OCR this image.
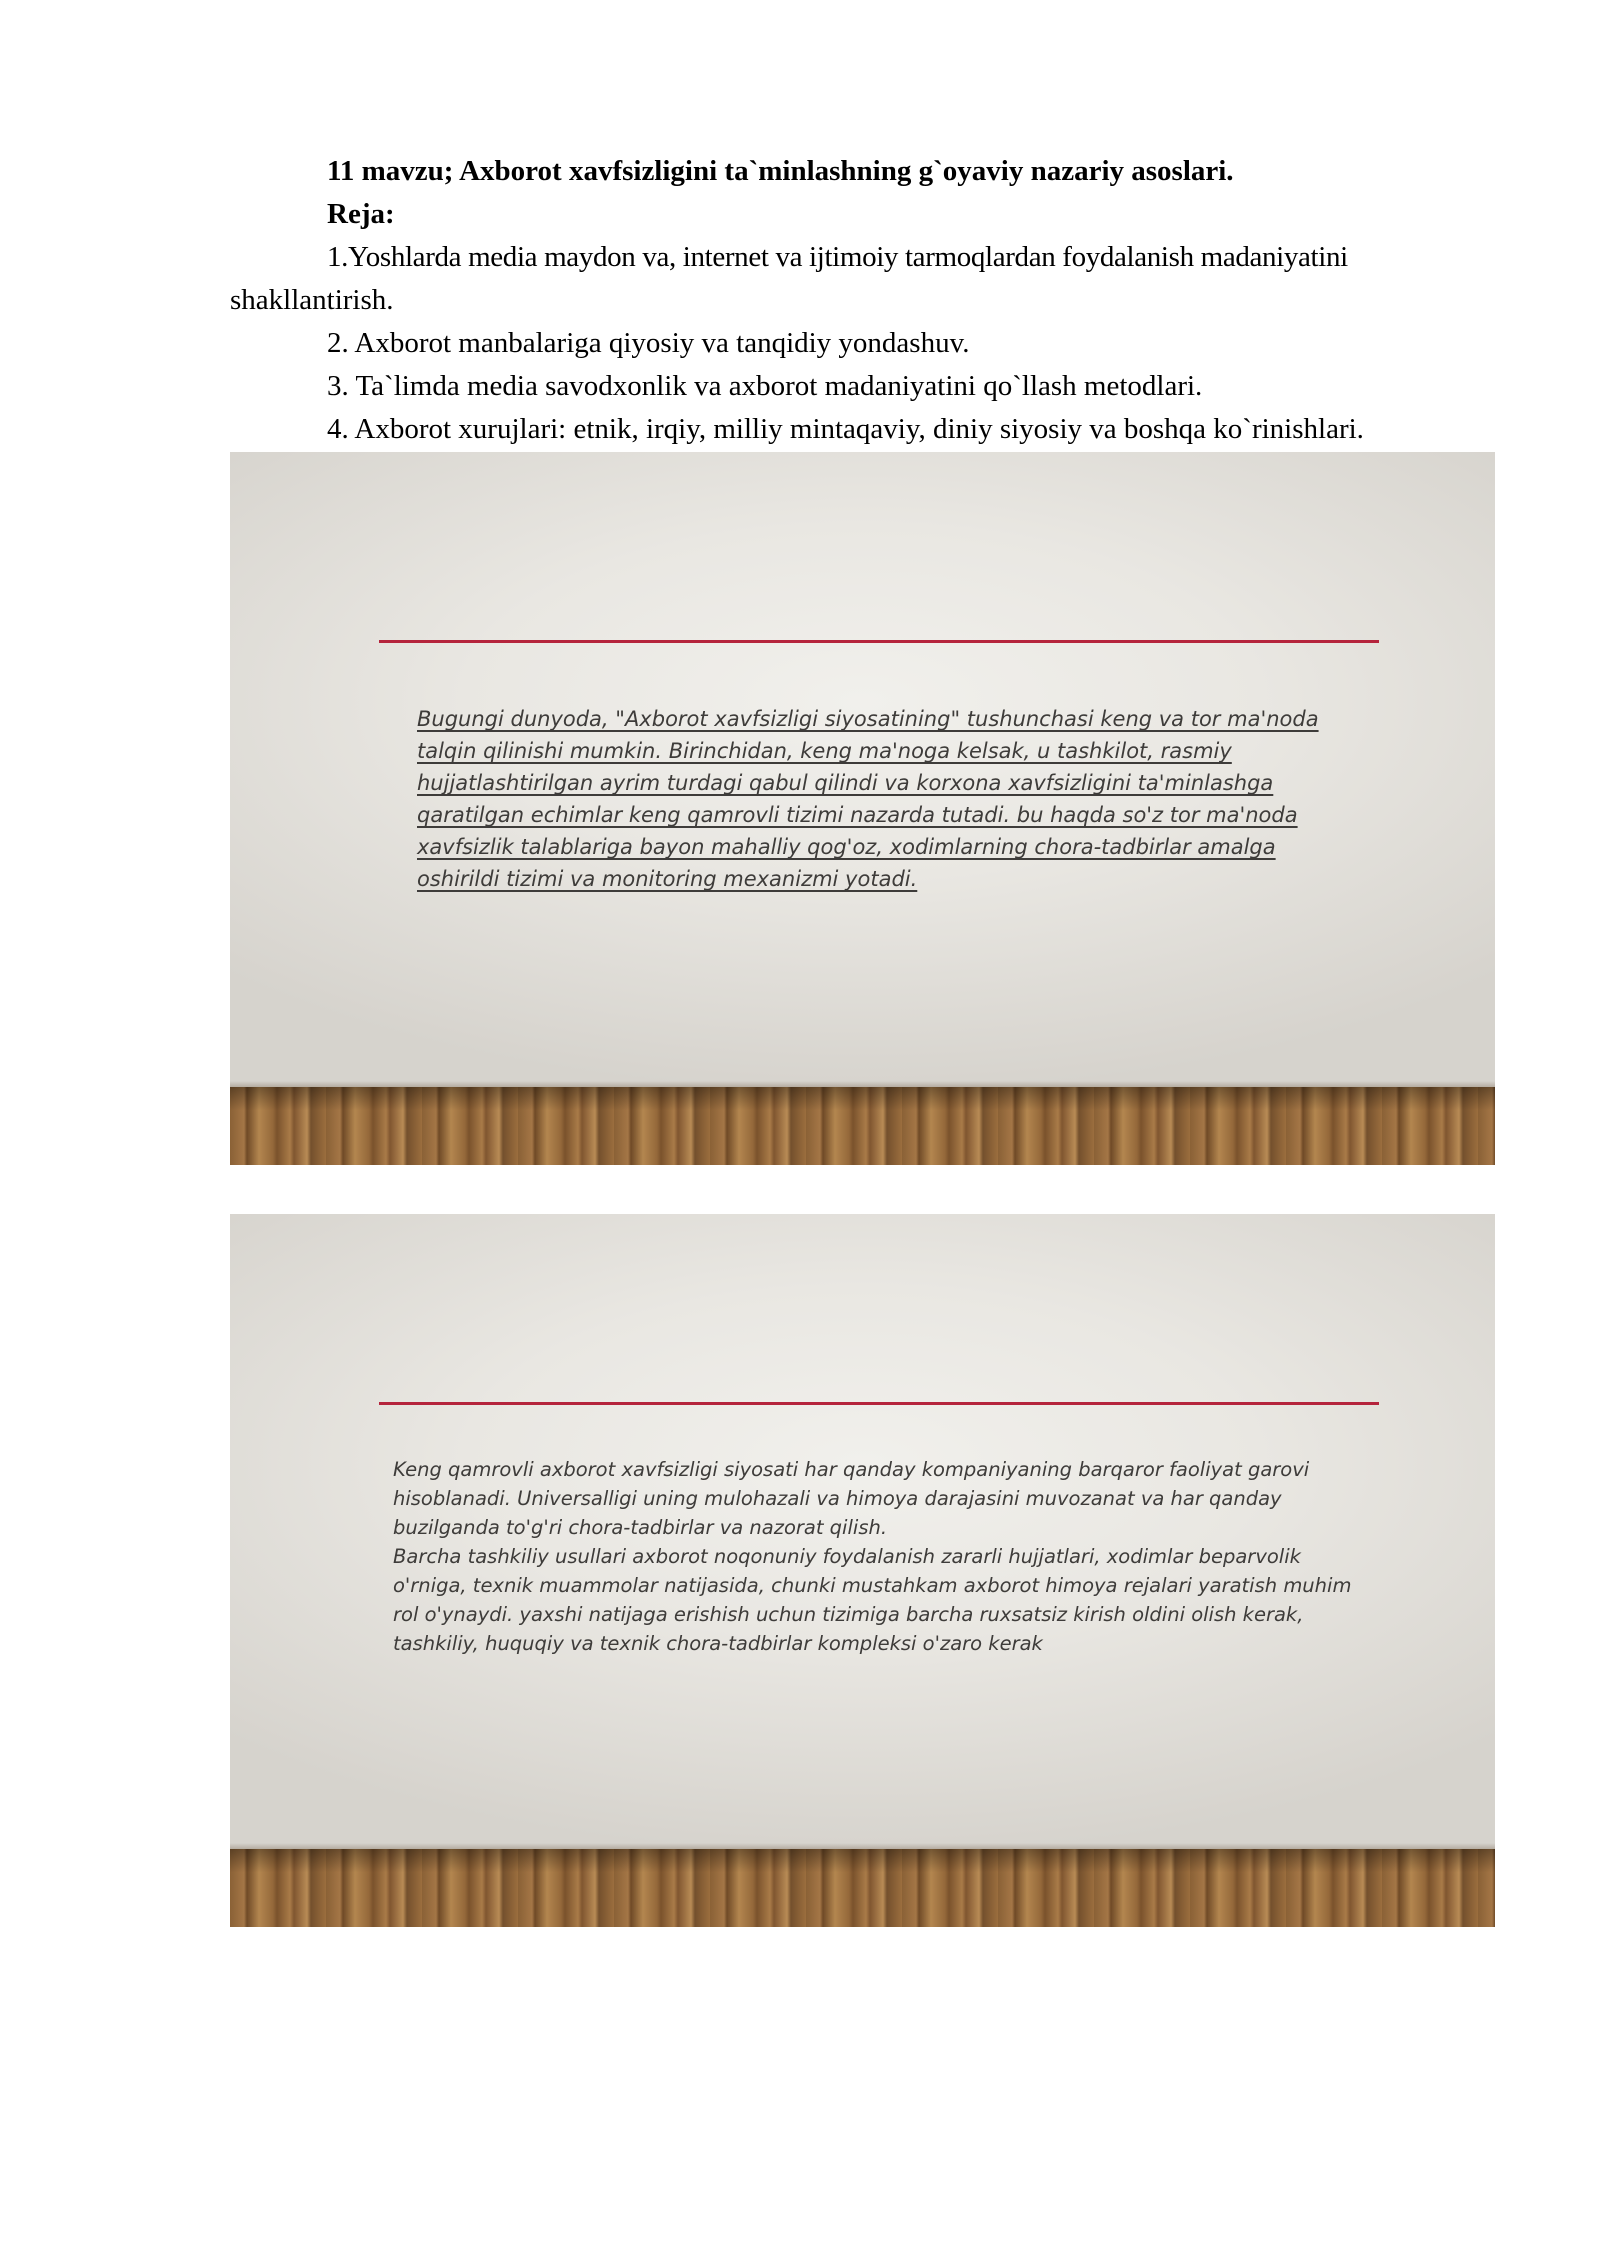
11 mavzu; Axborot xavfsizligini ta`minlashning g`oyaviy nazariy asoslari.
Reja:
1.Yoshlarda media maydon va, internet va ijtimoiy tarmoqlardan foydalanish madaniyatini
shakllantirish.
2. Axborot manbalariga qiyosiy va tanqidiy yondashuv.
3. Ta`limda media savodxonlik va axborot madaniyatini qo`llash metodlari.
4. Axborot xurujlari: etnik, irqiy, milliy mintaqaviy, diniy siyosiy va boshqa ko`rinishlari.
Bugungi dunyoda, "Axborot xavfsizligi siyosatining" tushunchasi keng va tor ma'noda talqin qilinishi mumkin. Birinchidan, keng ma'noga kelsak, u tashkilot, rasmiy hujjatlashtirilgan ayrim turdagi qabul qilindi va korxona xavfsizligini ta'minlashga qaratilgan echimlar keng qamrovli tizimi nazarda tutadi. bu haqda so'z tor ma'noda xavfsizlik talablariga bayon mahalliy qog'oz, xodimlarning chora-tadbirlar amalga oshirildi tizimi va monitoring mexanizmi yotadi.
Keng qamrovli axborot xavfsizligi siyosati har qanday kompaniyaning barqaror faoliyat garovi hisoblanadi. Universalligi uning mulohazali va himoya darajasini muvozanat va har qanday buzilganda to'g'ri chora-tadbirlar va nazorat qilish.
Barcha tashkiliy usullari axborot noqonuniy foydalanish zararli hujjatlari, xodimlar beparvolik o'rniga, texnik muammolar natijasida, chunki mustahkam axborot himoya rejalari yaratish muhim rol o'ynaydi. yaxshi natijaga erishish uchun tizimiga barcha ruxsatsiz kirish oldini olish kerak, tashkiliy, huquqiy va texnik chora-tadbirlar kompleksi o'zaro kerak
